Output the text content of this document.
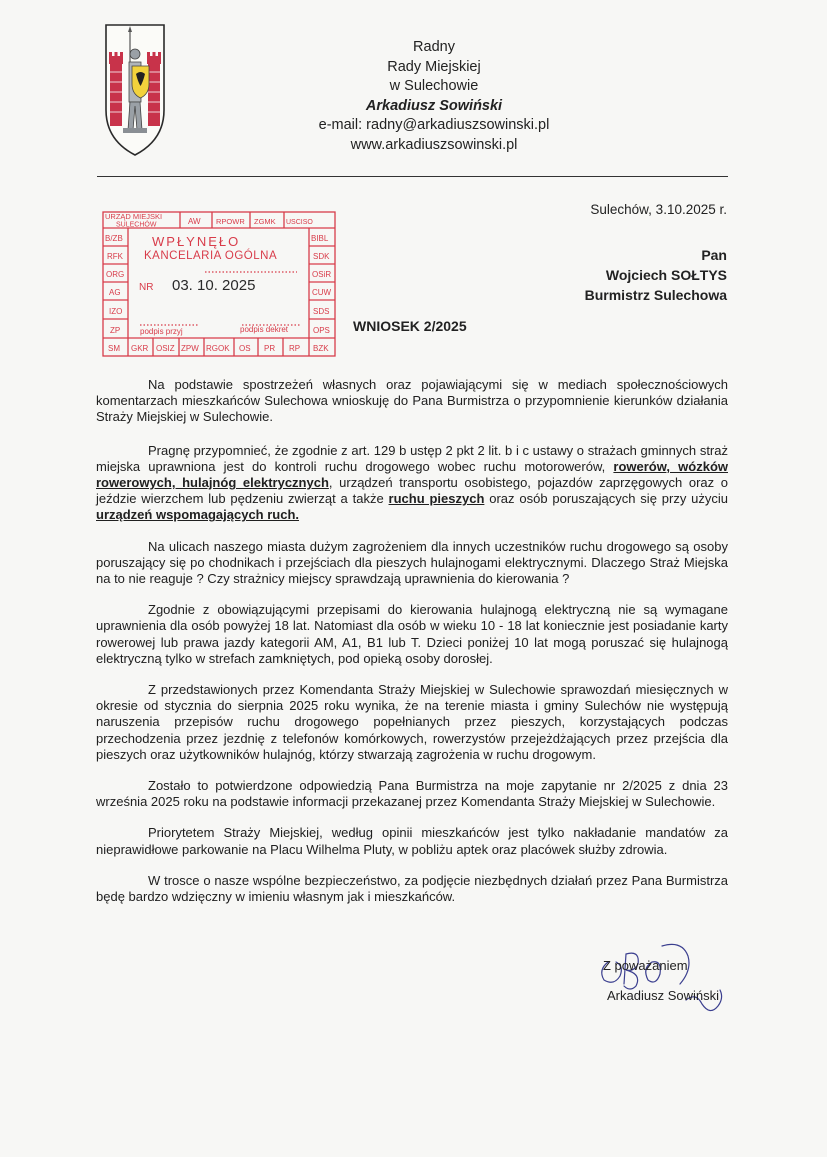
Radny
Rady Miejskiej
w Sulechowie
Arkadiusz Sowiński
e-mail: radny@arkadiuszsowinski.pl
www.arkadiuszsowinski.pl
URZĄD MIEJSKI
SULECHÓW	AW RPOWR ZGMK USCISO
WPŁYNĘŁO
KANCELARIA OGÓLNA
NR 03. 10. 2025
podpis przyj	podpis dekret
B/ZB
RFK
ORG
AG
IZO
ZP
BIBL
SDK
OSiR
CUW
SDS
OPS
SM GKR OSIZ ZPW RGOK OS PR RP BZK
Sulechów, 3.10.2025 r.
Pan
Wojciech SOŁTYS
Burmistrz Sulechowa
WNIOSEK 2/2025

Na podstawie spostrzeżeń własnych oraz pojawiającymi się w mediach społecznościowych komentarzach mieszkańców Sulechowa wnioskuję do Pana Burmistrza o przypomnienie kierunków działania Straży Miejskiej w Sulechowie.

Pragnę przypomnieć, że zgodnie z art. 129 b ustęp 2 pkt 2 lit. b i c ustawy o strażach gminnych straż miejska uprawniona jest do kontroli ruchu drogowego wobec ruchu motorowerów, rowerów, wózków rowerowych, hulajnóg elektrycznych, urządzeń transportu osobistego, pojazdów zaprzęgowych oraz o jeździe wierzchem lub pędzeniu zwierząt a także ruchu pieszych oraz osób poruszających się przy użyciu urządzeń wspomagających ruch.

Na ulicach naszego miasta dużym zagrożeniem dla innych uczestników ruchu drogowego są osoby poruszający się po chodnikach i przejściach dla pieszych hulajnogami elektrycznymi. Dlaczego Straż Miejska na to nie reaguje ? Czy strażnicy miejscy sprawdzają uprawnienia do kierowania ?

Zgodnie z obowiązującymi przepisami do kierowania hulajnogą elektryczną nie są wymagane uprawnienia dla osób powyżej 18 lat. Natomiast dla osób w wieku 10 - 18 lat koniecznie jest posiadanie karty rowerowej lub prawa jazdy kategorii AM, A1, B1 lub T. Dzieci poniżej 10 lat mogą poruszać się hulajnogą elektryczną tylko w strefach zamkniętych, pod opieką osoby dorosłej.

Z przedstawionych przez Komendanta Straży Miejskiej w Sulechowie sprawozdań miesięcznych w okresie od stycznia do sierpnia 2025 roku wynika, że na terenie miasta i gminy Sulechów nie występują naruszenia przepisów ruchu drogowego popełnianych przez pieszych, korzystających podczas przechodzenia przez jezdnię z telefonów komórkowych, rowerzystów przejeżdżających przez przejścia dla pieszych oraz użytkowników hulajnóg, którzy stwarzają zagrożenia w ruchu drogowym.

Zostało to potwierdzone odpowiedzią Pana Burmistrza na moje zapytanie nr 2/2025 z dnia 23 września 2025 roku na podstawie informacji przekazanej przez Komendanta Straży Miejskiej w Sulechowie.

Priorytetem Straży Miejskiej, według opinii mieszkańców jest tylko nakładanie mandatów za nieprawidłowe parkowanie na Placu Wilhelma Pluty, w pobliżu aptek oraz placówek służby zdrowia.

W trosce o nasze wspólne bezpieczeństwo, za podjęcie niezbędnych działań przez Pana Burmistrza będę bardzo wdzięczny w imieniu własnym jak i mieszkańców.

Z poważaniem
Arkadiusz Sowiński
